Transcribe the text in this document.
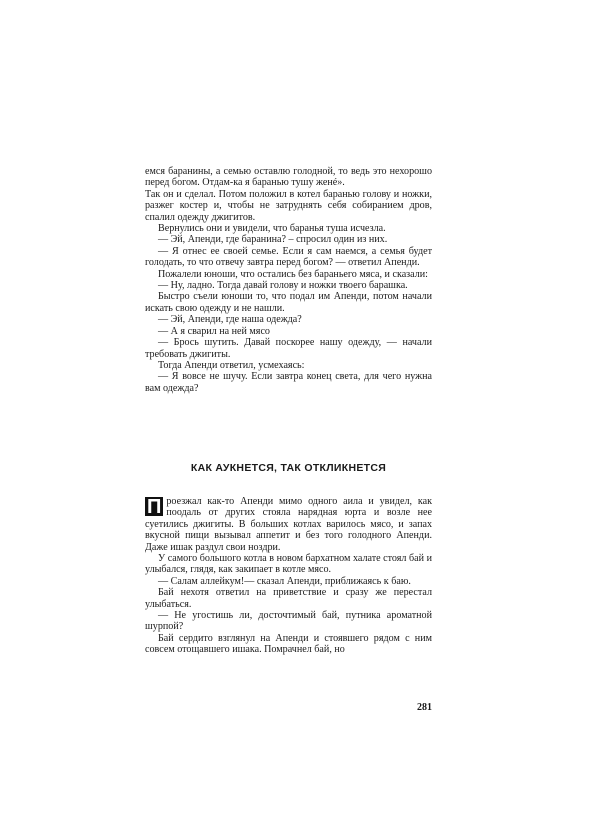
емся баранины, а семью оставлю голодной, то ведь это нехорошо перед богом. Отдам-ка я баранью тушу женé».

Так он и сделал. Потом положил в котел баранью голову и ножки, разжег костер и, чтобы не затруднять себя собиранием дров, спалил одежду джигитов.

Вернулись они и увидели, что баранья туша исчезла.

— Эй, Апенди, где баранина? – спросил один из них.

— Я отнес ее своей семье. Если я сам наемся, а семья будет голодать, то что отвечу завтра перед богом? — ответил Апенди.

Пожалели юноши, что остались без бараньего мяса, и сказали:

— Ну, ладно. Тогда давай голову и ножки твоего барашка.

Быстро съели юноши то, что подал им Апенди, потом начали искать свою одежду и не нашли.

— Эй, Апенди, где наша одежда?

— А я сварил на ней мясо

— Брось шутить. Давай поскорее нашу одежду, — начали требовать джигиты.

Тогда Апенди ответил, усмехаясь:

— Я вовсе не шучу. Если завтра конец света, для чего нужна вам одежда?

КАК АУКНЕТСЯ, ТАК ОТКЛИКНЕТСЯ

П роезжал как-то Апенди мимо одного аила и увидел, как поодаль от других стояла нарядная юрта и возле нее суетились джигиты. В больших котлах варилось мясо, и запах вкусной пищи вызывал аппетит и без того голодного Апенди. Даже ишак раздул свои ноздри.

У самого большого котла в новом бархатном халате стоял бай и улыбался, глядя, как закипает в котле мясо.

— Салам аллейкум!— сказал Апенди, приближаясь к баю.

Бай нехотя ответил на приветствие и сразу же перестал улыбаться.

— Не угостишь ли, досточтимый бай, путника ароматной шурпой?

Бай сердито взглянул на Апенди и стоявшего рядом с ним совсем отощавшего ишака. Помрачнел бай, но

281
